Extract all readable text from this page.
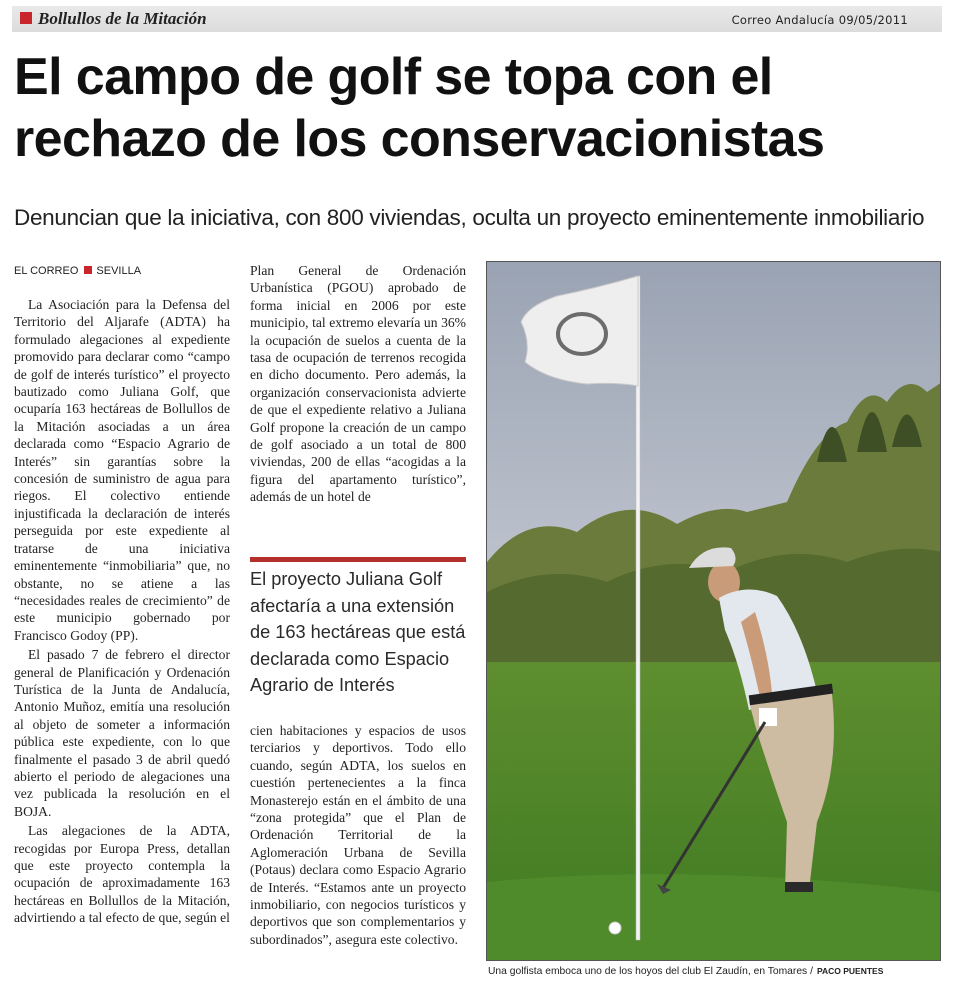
Bollullos de la Mitación	Correo Andalucía 09/05/2011
El campo de golf se topa con el rechazo de los conservacionistas
Denuncian que la iniciativa, con 800 viviendas, oculta un proyecto eminentemente inmobiliario
EL CORREO SEVILLA

La Asociación para la Defensa del Territorio del Aljarafe (ADTA) ha formulado alegaciones al expediente promovido para declarar como “campo de golf de interés turístico” el proyecto bautizado como Juliana Golf, que ocuparía 163 hectáreas de Bollullos de la Mitación asociadas a un área declarada como “Espacio Agrario de Interés” sin garantías sobre la concesión de suministro de agua para riegos. El colectivo entiende injustificada la declaración de interés perseguida por este expediente al tratarse de una iniciativa eminentemente “inmobiliaria” que, no obstante, no se atiene a las “necesidades reales de crecimiento” de este municipio gobernado por Francisco Godoy (PP).

El pasado 7 de febrero el director general de Planificación y Ordenación Turística de la Junta de Andalucía, Antonio Muñoz, emitía una resolución al objeto de someter a información pública este expediente, con lo que finalmente el pasado 3 de abril quedó abierto el periodo de alegaciones una vez publicada la resolución en el BOJA.

Las alegaciones de la ADTA, recogidas por Europa Press, detallan que este proyecto contempla la ocupación de aproximadamente 163 hectáreas en Bollullos de la Mitación, advirtiendo a tal efecto de que, según el

Plan General de Ordenación Urbanística (PGOU) aprobado de forma inicial en 2006 por este municipio, tal extremo elevaría un 36% la ocupación de suelos a cuenta de la tasa de ocupación de terrenos recogida en dicho documento. Pero además, la organización conservacionista advierte de que el expediente relativo a Juliana Golf propone la creación de un campo de golf asociado a un total de 800 viviendas, 200 de ellas “acogidas a la figura del apartamento turístico”, además de un hotel de

El proyecto Juliana Golf afectaría a una extensión de 163 hectáreas que está declarada como Espacio Agrario de Interés

cien habitaciones y espacios de usos terciarios y deportivos. Todo ello cuando, según ADTA, los suelos en cuestión pertenecientes a la finca Monasterejo están en el ámbito de una “zona protegida” que el Plan de Ordenación Territorial de la Aglomeración Urbana de Sevilla (Potaus) declara como Espacio Agrario de Interés. “Estamos ante un proyecto inmobiliario, con negocios turísticos y deportivos que son complementarios y subordinados”, asegura este colectivo.

Una golfista emboca uno de los hoyos del club El Zaudín, en Tomares / PACO PUENTES
